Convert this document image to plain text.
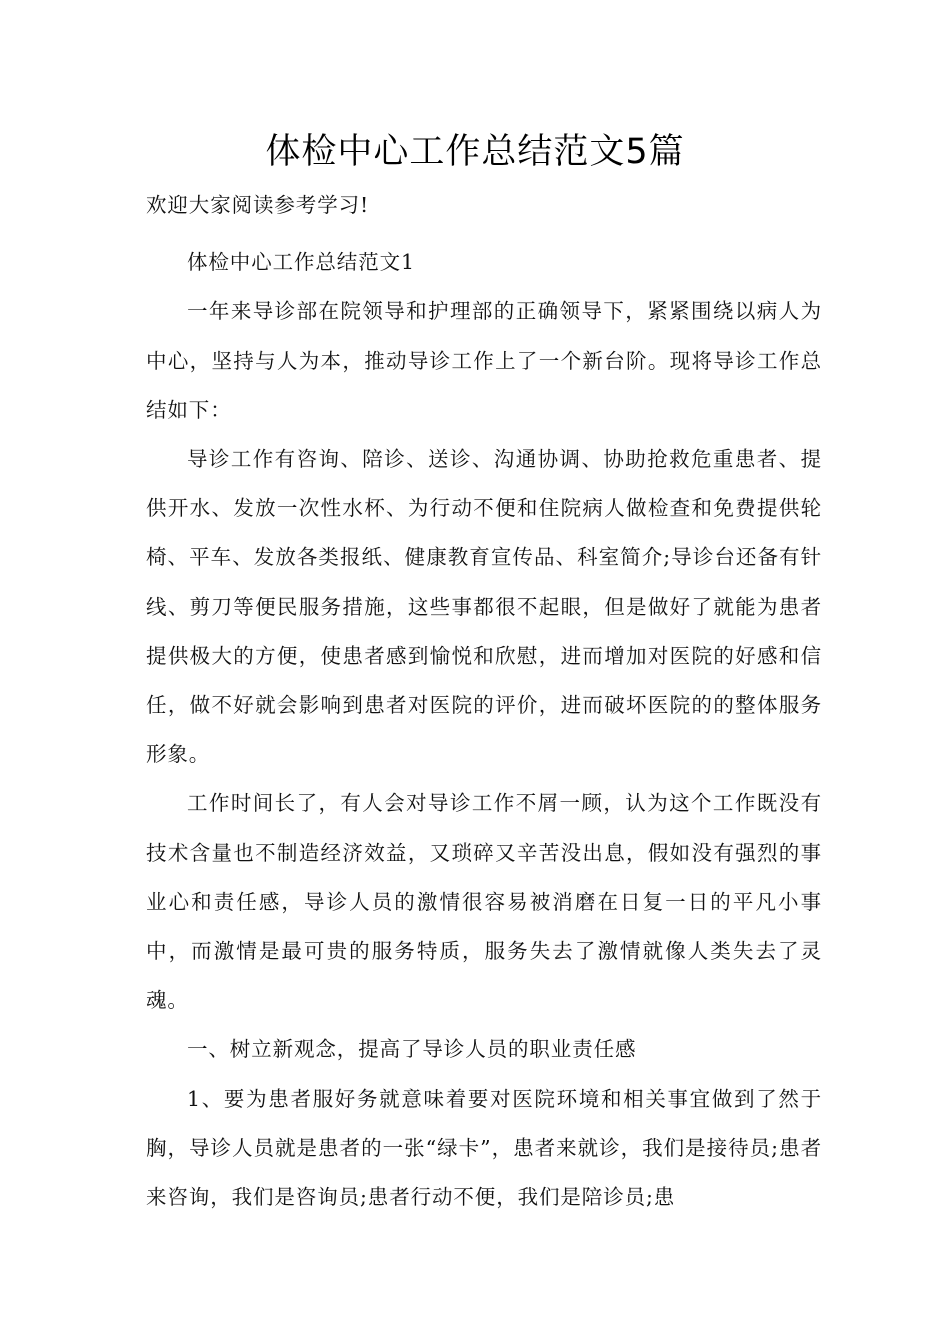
体检中心工作总结范文5篇

欢迎大家阅读参考学习!

体检中心工作总结范文1

一年来导诊部在院领导和护理部的正确领导下，紧紧围绕以病人为中心，坚持与人为本，推动导诊工作上了一个新台阶。现将导诊工作总结如下：

导诊工作有咨询、陪诊、送诊、沟通协调、协助抢救危重患者、提供开水、发放一次性水杯、为行动不便和住院病人做检查和免费提供轮椅、平车、发放各类报纸、健康教育宣传品、科室简介;导诊台还备有针线、剪刀等便民服务措施，这些事都很不起眼，但是做好了就能为患者提供极大的方便，使患者感到愉悦和欣慰，进而增加对医院的好感和信任，做不好就会影响到患者对医院的评价，进而破坏医院的的整体服务形象。

工作时间长了，有人会对导诊工作不屑一顾，认为这个工作既没有技术含量也不制造经济效益，又琐碎又辛苦没出息，假如没有强烈的事业心和责任感，导诊人员的激情很容易被消磨在日复一日的平凡小事中，而激情是最可贵的服务特质，服务失去了激情就像人类失去了灵魂。

一、树立新观念，提高了导诊人员的职业责任感

1、要为患者服好务就意味着要对医院环境和相关事宜做到了然于胸，导诊人员就是患者的一张“绿卡”，患者来就诊，我们是接待员;患者来咨询，我们是咨询员;患者行动不便，我们是陪诊员;患
